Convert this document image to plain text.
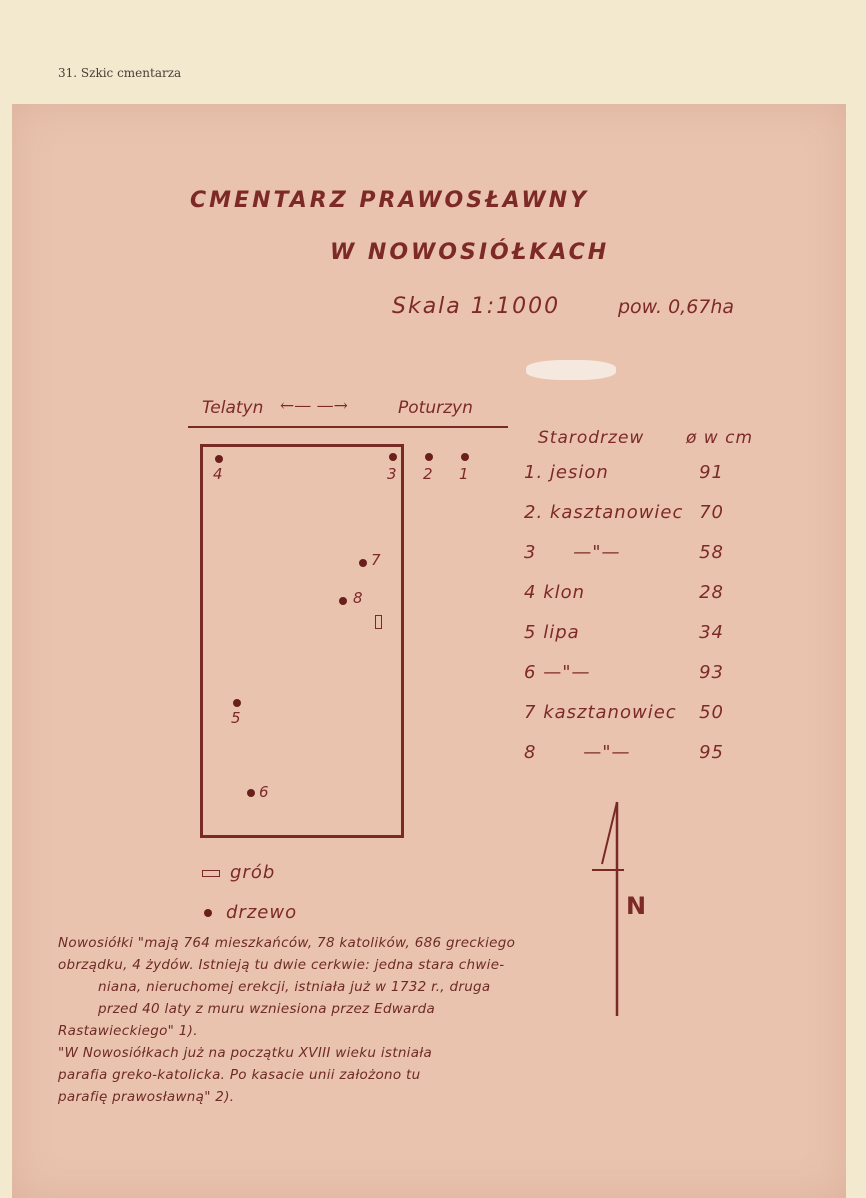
31. Szkic cmentarza
CMENTARZ PRAWOSŁAWNY
W NOWOSIÓŁKACH
Skala 1:1000	pow. 0,67ha
Telatyn ←— —→	Poturzyn
4	3 2 1
7
8
5
6
Starodrzew ø w cm
1. jesion	91
2. kasztanowiec 70
3 —"—	58
4 klon	28
5 lipa	34
6 —"—	93
7 kasztanowiec 50
8	—"—	95
grób
drzewo	N

Nowosiółki "mają 764 mieszkańców, 78 katolików, 686 greckiego

obrządku, 4 żydów. Istnieją tu dwie cerkwie: jedna stara chwie-

niana, nieruchomej erekcji, istniała już w 1732 r., druga

przed 40 laty z muru wzniesiona przez Edwarda

Rastawieckiego" 1).

"W Nowosiółkach już na początku XVIII wieku istniała

parafia greko-katolicka. Po kasacie unii założono tu

parafię prawosławną" 2).
